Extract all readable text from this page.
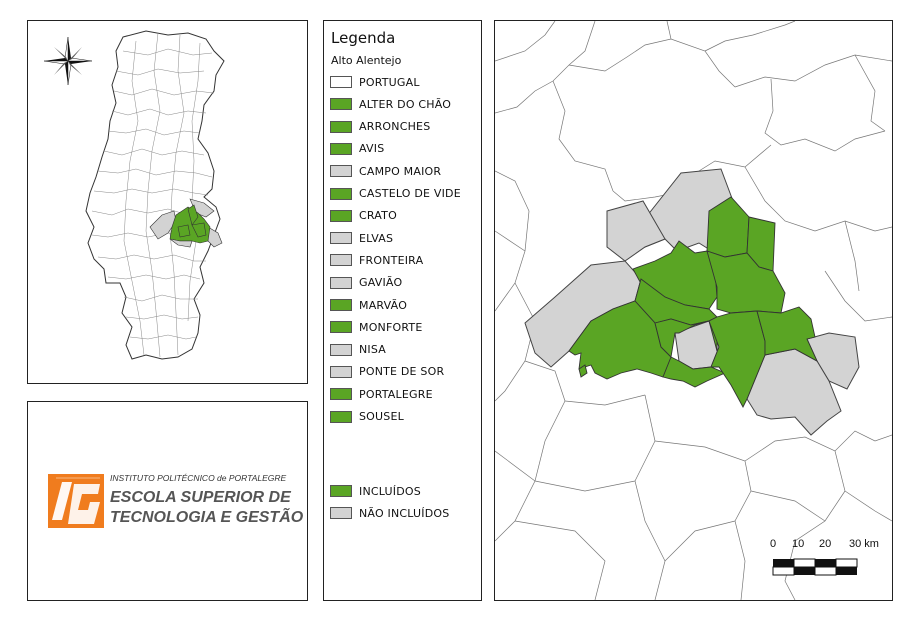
INSTITUTO POLITÉCNICO de PORTALEGRE
ESCOLA SUPERIOR DE
TECNOLOGIA E GESTÃO
Legenda
Alto Alentejo
PORTUGAL
ALTER DO CHÃO
ARRONCHES
AVIS
CAMPO MAIOR
CASTELO DE VIDE
CRATO
ELVAS
FRONTEIRA
GAVIÃO
MARVÃO
MONFORTE
NISA
PONTE DE SOR
PORTALEGRE
SOUSEL
INCLUÍDOS
NÃO INCLUÍDOS
0 10 20 30 km
